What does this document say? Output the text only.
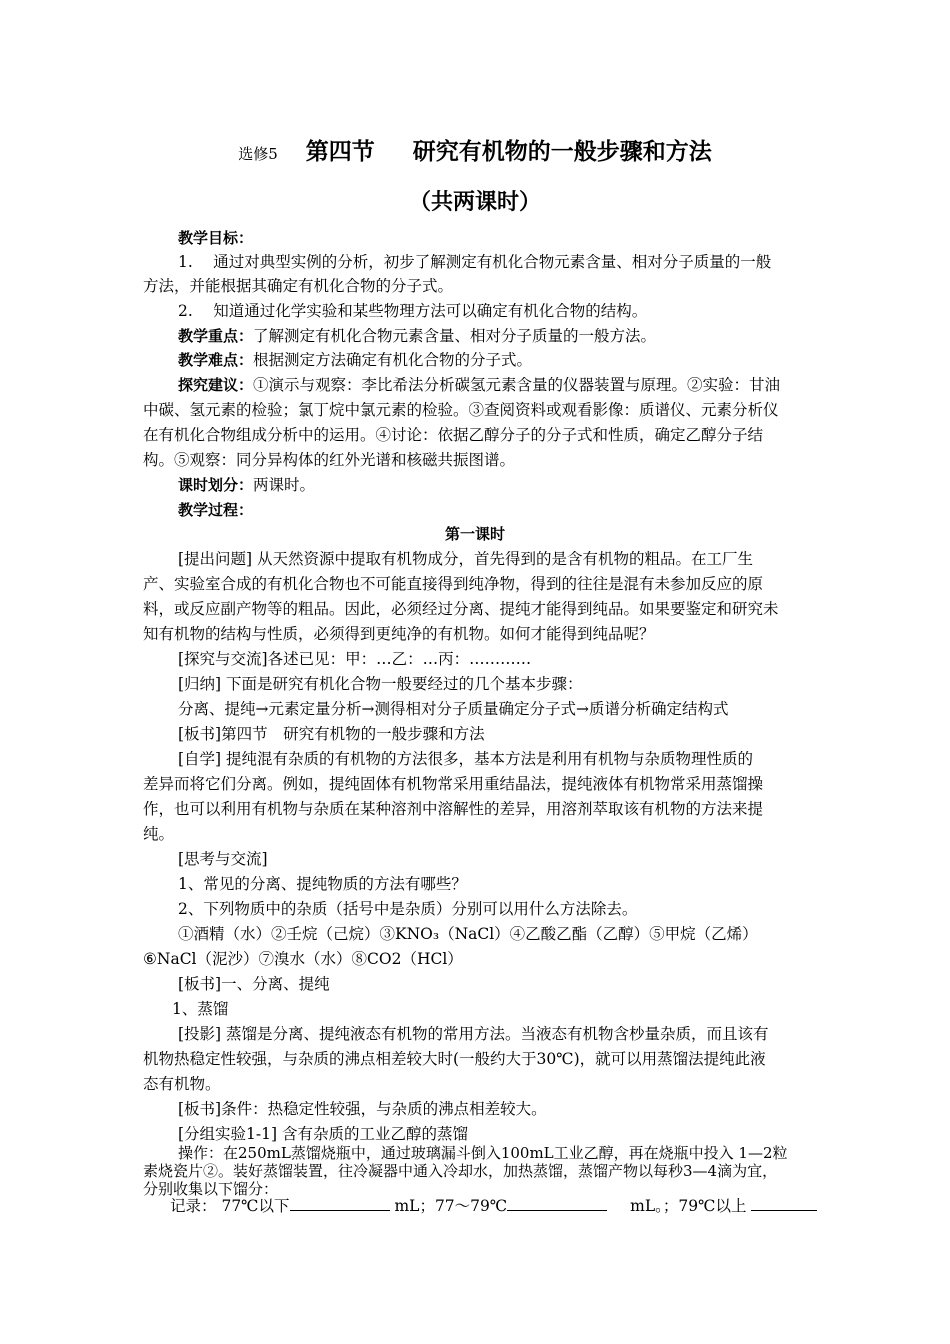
选修5 第四节 研究有机物的一般步骤和方法
（共两课时）
教学目标：
1.　 通过对典型实例的分析，初步了解测定有机化合物元素含量、相对分子质量的一般
方法，并能根据其确定有机化合物的分子式。
2.　 知道通过化学实验和某些物理方法可以确定有机化合物的结构。
教学重点：了解测定有机化合物元素含量、相对分子质量的一般方法。
教学难点：根据测定方法确定有机化合物的分子式。
探究建议：①演示与观察：李比希法分析碳氢元素含量的仪器装置与原理。②实验：甘油
中碳、氢元素的检验；氯丁烷中氯元素的检验。③查阅资料或观看影像：质谱仪、元素分析仪
在有机化合物组成分析中的运用。④讨论：依据乙醇分子的分子式和性质，确定乙醇分子结
构。⑤观察：同分异构体的红外光谱和核磁共振图谱。
课时划分：两课时。
教学过程：
第一课时
[提出问题] 从天然资源中提取有机物成分，首先得到的是含有机物的粗品。在工厂生
产、实验室合成的有机化合物也不可能直接得到纯净物，得到的往往是混有未参加反应的原
料，或反应副产物等的粗品。因此，必须经过分离、提纯才能得到纯品。如果要鉴定和研究未
知有机物的结构与性质，必须得到更纯净的有机物。如何才能得到纯品呢？
[探究与交流]各述已见：甲：…乙：…丙：…………
[归纳] 下面是研究有机化合物一般要经过的几个基本步骤：
分离、提纯→元素定量分析→测得相对分子质量确定分子式→质谱分析确定结构式
[板书]第四节　研究有机物的一般步骤和方法
[自学] 提纯混有杂质的有机物的方法很多，基本方法是利用有机物与杂质物理性质的
差异而将它们分离。例如，提纯固体有机物常采用重结晶法，提纯液体有机物常采用蒸馏操
作，也可以利用有机物与杂质在某种溶剂中溶解性的差异，用溶剂萃取该有机物的方法来提
纯。
[思考与交流]
1、常见的分离、提纯物质的方法有哪些？
2、下列物质中的杂质（括号中是杂质）分别可以用什么方法除去。
①酒精（水）②壬烷（己烷）③KNO₃（NaCl）④乙酸乙酯（乙醇）⑤甲烷（乙烯）
⑥NaCl（泥沙）⑦溴水（水）⑧CO2（HCl）
[板书]一、分离、提纯
1、蒸馏
[投影] 蒸馏是分离、提纯液态有机物的常用方法。当液态有机物含杪量杂质，而且该有
机物热稳定性较强，与杂质的沸点相差较大时(一般约大于30℃)，就可以用蒸馏法提纯此液
态有机物。
[板书]条件：热稳定性较强，与杂质的沸点相差较大。
[分组实验1-1] 含有杂质的工业乙醇的蒸馏
操作：在250mL蒸馏烧瓶中，通过玻璃漏斗倒入100mL工业乙醇，再在烧瓶中投入 1—2粒
素烧瓷片②。装好蒸馏装置，往冷凝器中通入冷却水，加热蒸馏，蒸馏产物以每秒3—4滴为宜，
分别收集以下馏分：
记录： 77℃以下	mL；77～79℃	mL。；79℃以上
